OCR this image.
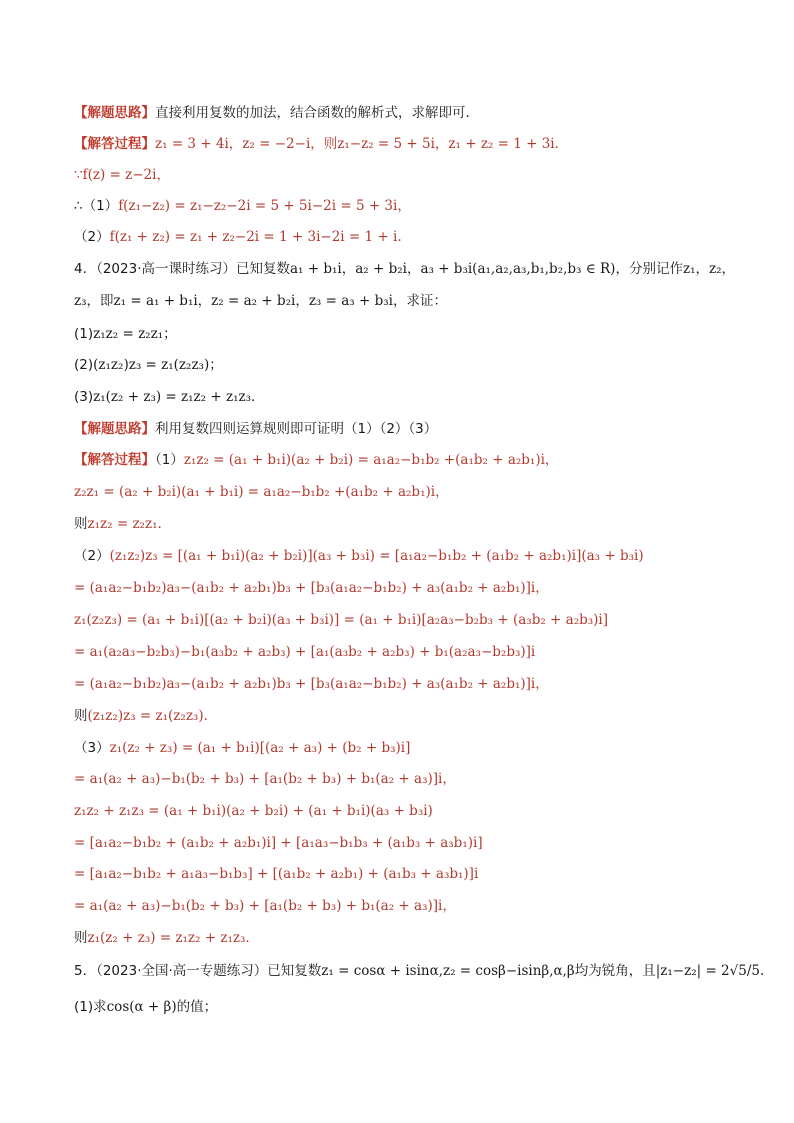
【解题思路】直接利用复数的加法，结合函数的解析式，求解即可．
【解答过程】z₁ = 3 + 4i，z₂ = −2−i，则z₁−z₂ = 5 + 5i，z₁ + z₂ = 1 + 3i．
∵f(z) = z−2i，
∴（1）f(z₁−z₂) = z₁−z₂−2i = 5 + 5i−2i = 5 + 3i，
（2）f(z₁ + z₂) = z₁ + z₂−2i = 1 + 3i−2i = 1 + i.
4．（2023·高一课时练习）已知复数a₁ + b₁i，a₂ + b₂i，a₃ + b₃i(a₁,a₂,a₃,b₁,b₂,b₃ ∈ R)，分别记作z₁，z₂，
z₃，即z₁ = a₁ + b₁i，z₂ = a₂ + b₂i，z₃ = a₃ + b₃i，求证：
(1)z₁z₂ = z₂z₁；
(2)(z₁z₂)z₃ = z₁(z₂z₃)；
(3)z₁(z₂ + z₃) = z₁z₂ + z₁z₃．
【解题思路】利用复数四则运算规则即可证明（1）（2）（3）
【解答过程】（1）z₁z₂ = (a₁ + b₁i)(a₂ + b₂i) = a₁a₂−b₁b₂ +(a₁b₂ + a₂b₁)i，
z₂z₁ = (a₂ + b₂i)(a₁ + b₁i) = a₁a₂−b₁b₂ +(a₁b₂ + a₂b₁)i，
则z₁z₂ = z₂z₁.
（2）(z₁z₂)z₃ = [(a₁ + b₁i)(a₂ + b₂i)](a₃ + b₃i) = [a₁a₂−b₁b₂ + (a₁b₂ + a₂b₁)i](a₃ + b₃i)
= (a₁a₂−b₁b₂)a₃−(a₁b₂ + a₂b₁)b₃ + [b₃(a₁a₂−b₁b₂) + a₃(a₁b₂ + a₂b₁)]i，
z₁(z₂z₃) = (a₁ + b₁i)[(a₂ + b₂i)(a₃ + b₃i)] = (a₁ + b₁i)[a₂a₃−b₂b₃ + (a₃b₂ + a₂b₃)i]
= a₁(a₂a₃−b₂b₃)−b₁(a₃b₂ + a₂b₃) + [a₁(a₃b₂ + a₂b₃) + b₁(a₂a₃−b₂b₃)]i
= (a₁a₂−b₁b₂)a₃−(a₁b₂ + a₂b₁)b₃ + [b₃(a₁a₂−b₁b₂) + a₃(a₁b₂ + a₂b₁)]i，
则(z₁z₂)z₃ = z₁(z₂z₃).
（3）z₁(z₂ + z₃) = (a₁ + b₁i)[(a₂ + a₃) + (b₂ + b₃)i]
= a₁(a₂ + a₃)−b₁(b₂ + b₃) + [a₁(b₂ + b₃) + b₁(a₂ + a₃)]i，
z₁z₂ + z₁z₃ = (a₁ + b₁i)(a₂ + b₂i) + (a₁ + b₁i)(a₃ + b₃i)
= [a₁a₂−b₁b₂ + (a₁b₂ + a₂b₁)i] + [a₁a₃−b₁b₃ + (a₁b₃ + a₃b₁)i]
= [a₁a₂−b₁b₂ + a₁a₃−b₁b₃] + [(a₁b₂ + a₂b₁) + (a₁b₃ + a₃b₁)]i
= a₁(a₂ + a₃)−b₁(b₂ + b₃) + [a₁(b₂ + b₃) + b₁(a₂ + a₃)]i，
则z₁(z₂ + z₃) = z₁z₂ + z₁z₃.
5．（2023·全国·高一专题练习）已知复数z₁ = cosα + isinα,z₂ = cosβ−isinβ,α,β均为锐角，且|z₁−z₂| = 2√5/5.
(1)求cos(α + β)的值；
